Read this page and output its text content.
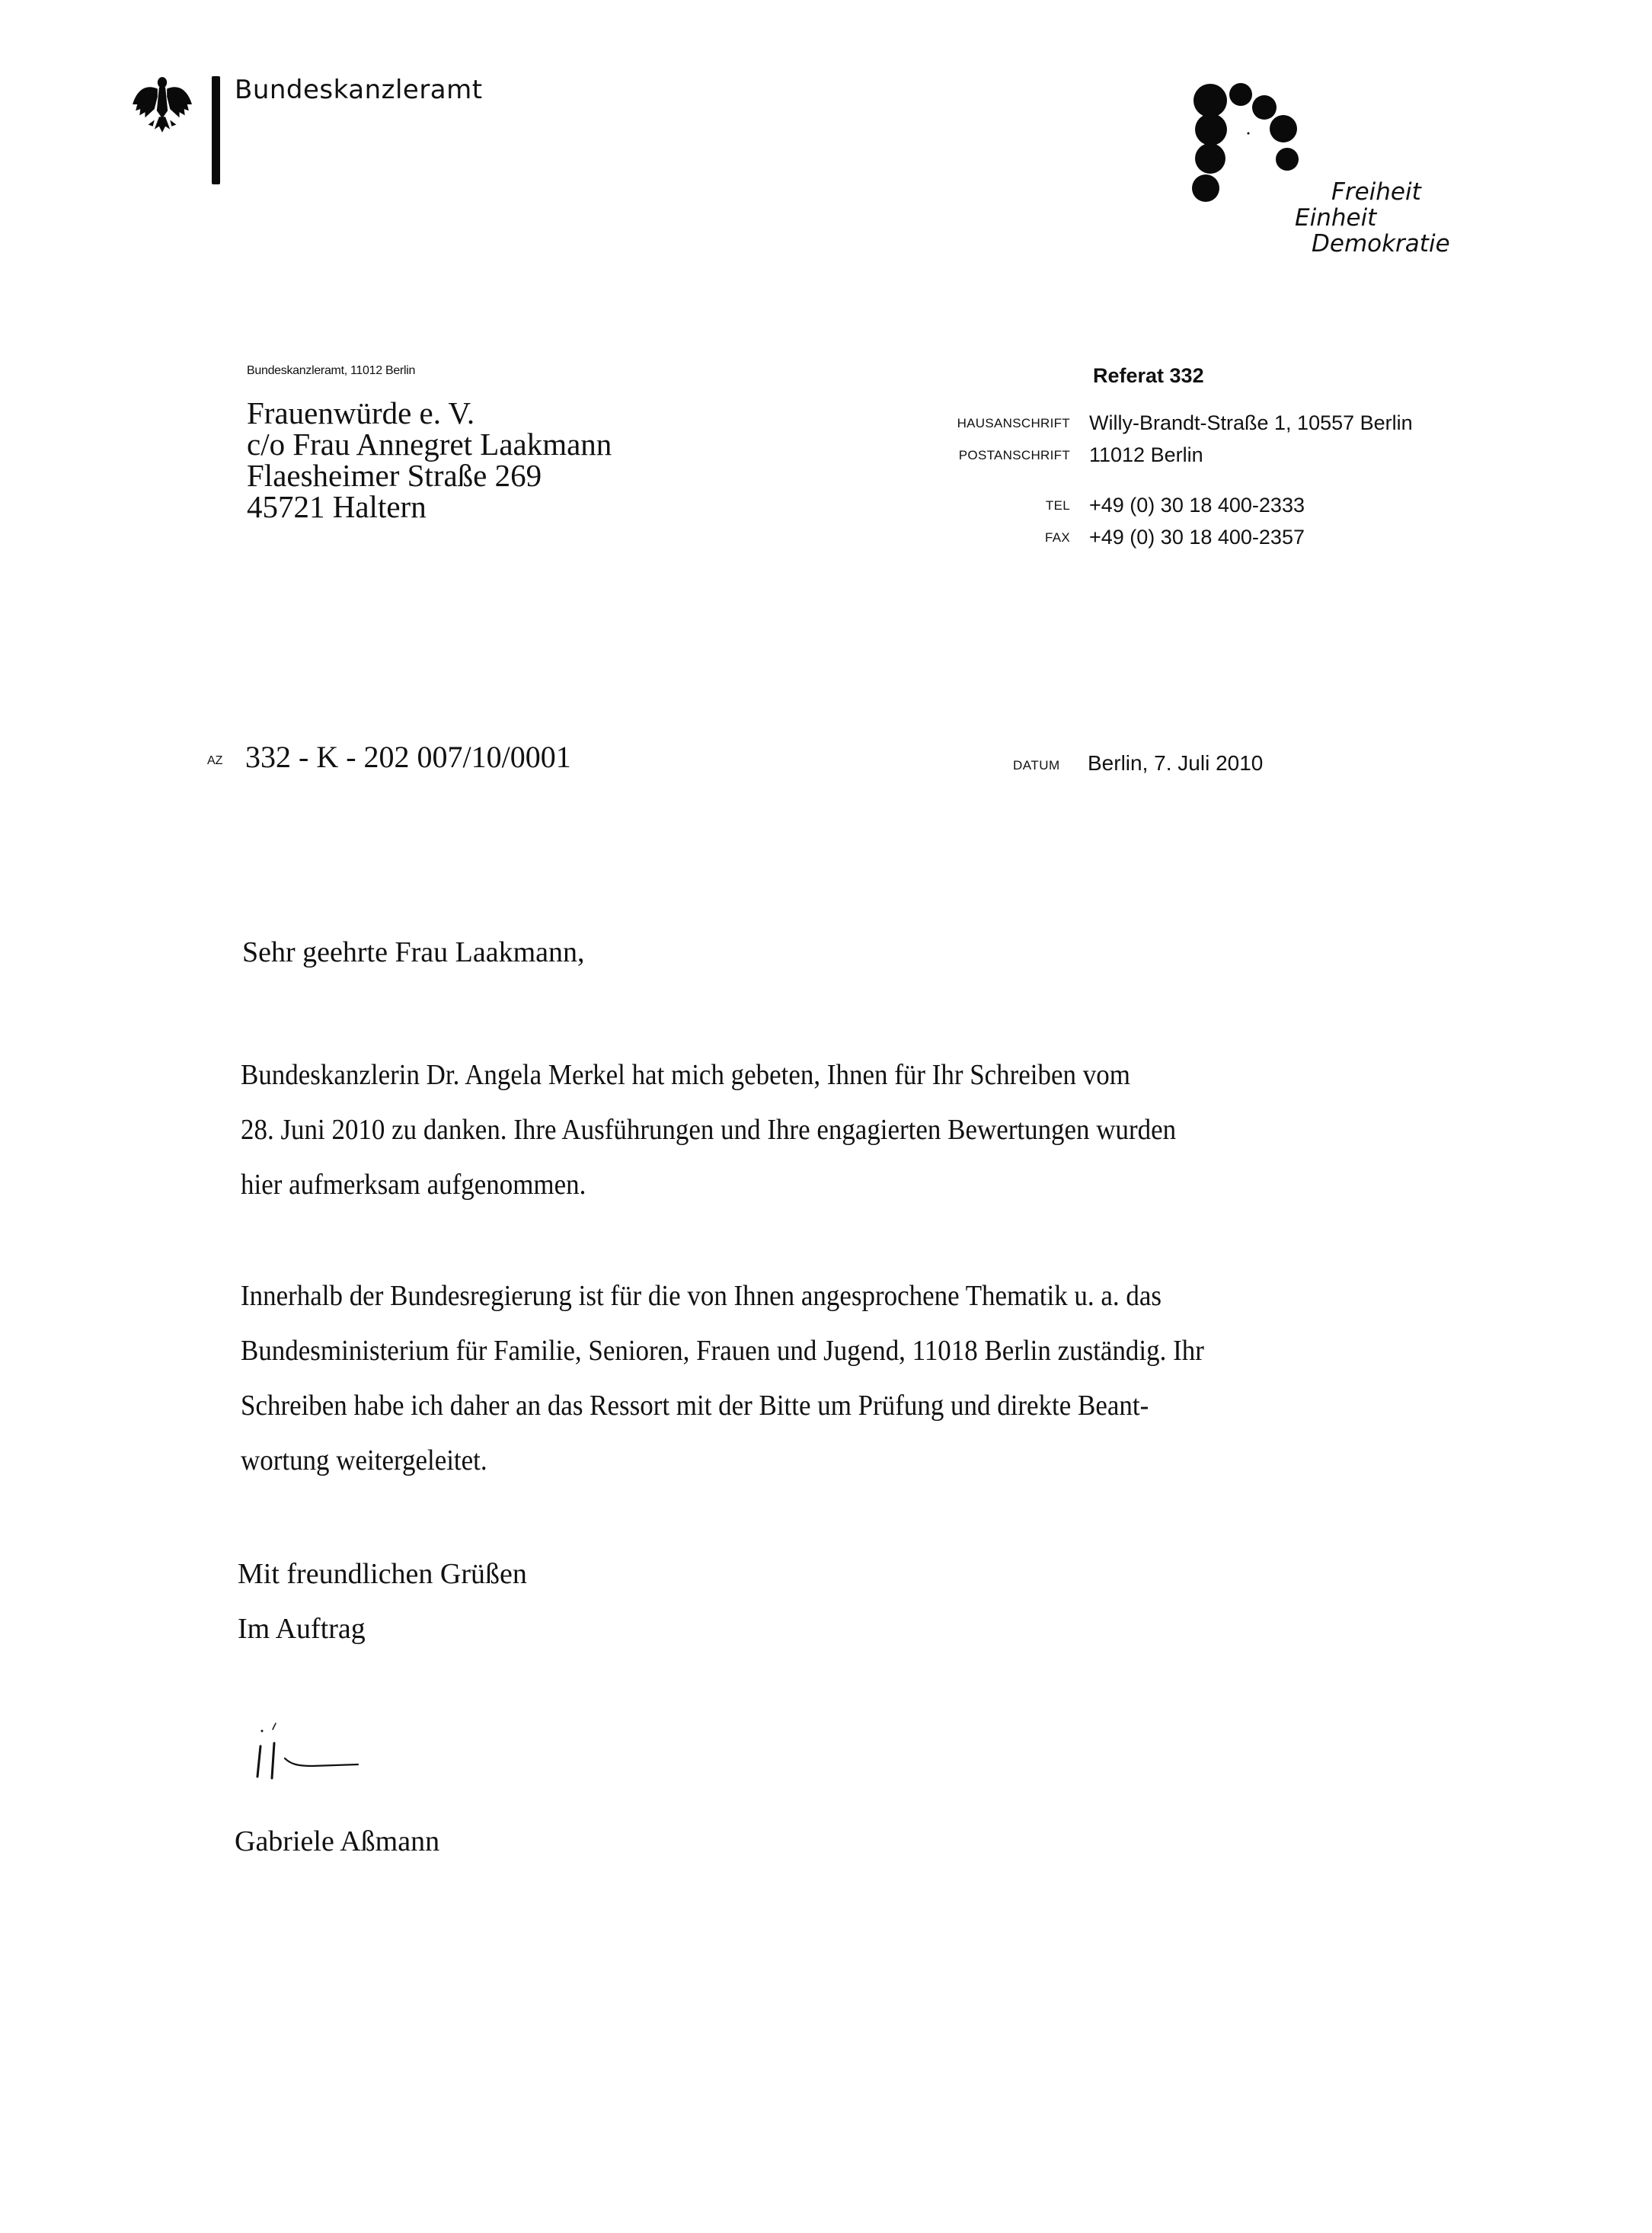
Bundeskanzleramt
Freiheit
Einheit
Demokratie
Bundeskanzleramt, 11012 Berlin
Frauenwürde e. V.
c/o Frau Annegret Laakmann
Flaesheimer Straße 269
45721 Haltern
Referat 332
HAUSANSCHRIFT Willy-Brandt-Straße 1, 10557 Berlin
POSTANSCHRIFT 11012 Berlin
TEL +49 (0) 30 18 400-2333
FAX +49 (0) 30 18 400-2357
AZ 332 - K - 202 007/10/0001	DATUM Berlin, 7. Juli 2010
Sehr geehrte Frau Laakmann,
Bundeskanzlerin Dr. Angela Merkel hat mich gebeten, Ihnen für Ihr Schreiben vom
28. Juni 2010 zu danken. Ihre Ausführungen und Ihre engagierten Bewertungen wurden
hier aufmerksam aufgenommen.
Innerhalb der Bundesregierung ist für die von Ihnen angesprochene Thematik u. a. das
Bundesministerium für Familie, Senioren, Frauen und Jugend, 11018 Berlin zuständig. Ihr
Schreiben habe ich daher an das Ressort mit der Bitte um Prüfung und direkte Beant-
wortung weitergeleitet.
Mit freundlichen Grüßen
Im Auftrag
Gabriele Aßmann
